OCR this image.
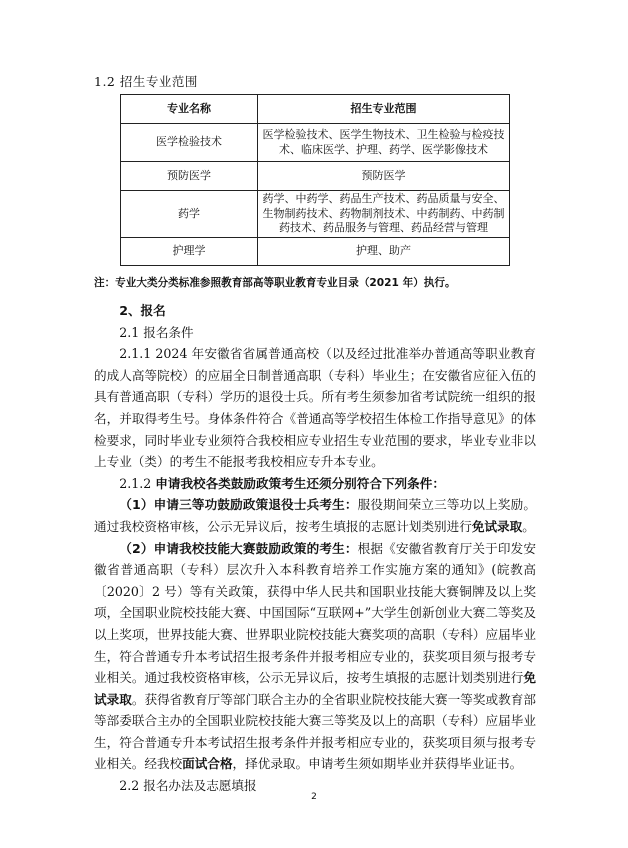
1.2 招生专业范围
专业名称	招生专业范围
医学检验技术	医学检验技术、医学生物技术、卫生检验与检疫技术、临床医学、护理、药学、医学影像技术
预防医学	预防医学
药学	药学、中药学、药品生产技术、药品质量与安全、生物制药技术、药物制剂技术、中药制药、中药制药技术、药品服务与管理、药品经营与管理
护理学	护理、助产
注：专业大类分类标准参照教育部高等职业教育专业目录（2021 年）执行。

2、报名

2.1 报名条件

2.1.1 2024 年安徽省省属普通高校（以及经过批准举办普通高等职业教育的成人高等院校）的应届全日制普通高职（专科）毕业生；在安徽省应征入伍的具有普通高职（专科）学历的退役士兵。所有考生须参加省考试院统一组织的报名，并取得考生号。身体条件符合《普通高等学校招生体检工作指导意见》的体检要求，同时毕业专业须符合我校相应专业招生专业范围的要求，毕业专业非以上专业（类）的考生不能报考我校相应专升本专业。

2.1.2 申请我校各类鼓励政策考生还须分别符合下列条件：

（1）申请三等功鼓励政策退役士兵考生：服役期间荣立三等功以上奖励。通过我校资格审核，公示无异议后，按考生填报的志愿计划类别进行免试录取。

（2）申请我校技能大赛鼓励政策的考生：根据《安徽省教育厅关于印发安徽省普通高职（专科）层次升入本科教育培养工作实施方案的通知》(皖教高〔2020〕2 号）等有关政策，获得中华人民共和国职业技能大赛铜牌及以上奖项，全国职业院校技能大赛、中国国际“互联网+”大学生创新创业大赛二等奖及以上奖项，世界技能大赛、世界职业院校技能大赛奖项的高职（专科）应届毕业生，符合普通专升本考试招生报考条件并报考相应专业的，获奖项目须与报考专业相关。通过我校资格审核，公示无异议后，按考生填报的志愿计划类别进行免试录取。获得省教育厅等部门联合主办的全省职业院校技能大赛一等奖或教育部等部委联合主办的全国职业院校技能大赛三等奖及以上的高职（专科）应届毕业生，符合普通专升本考试招生报考条件并报考相应专业的，获奖项目须与报考专业相关。经我校面试合格，择优录取。申请考生须如期毕业并获得毕业证书。

2.2 报名办法及志愿填报

2
